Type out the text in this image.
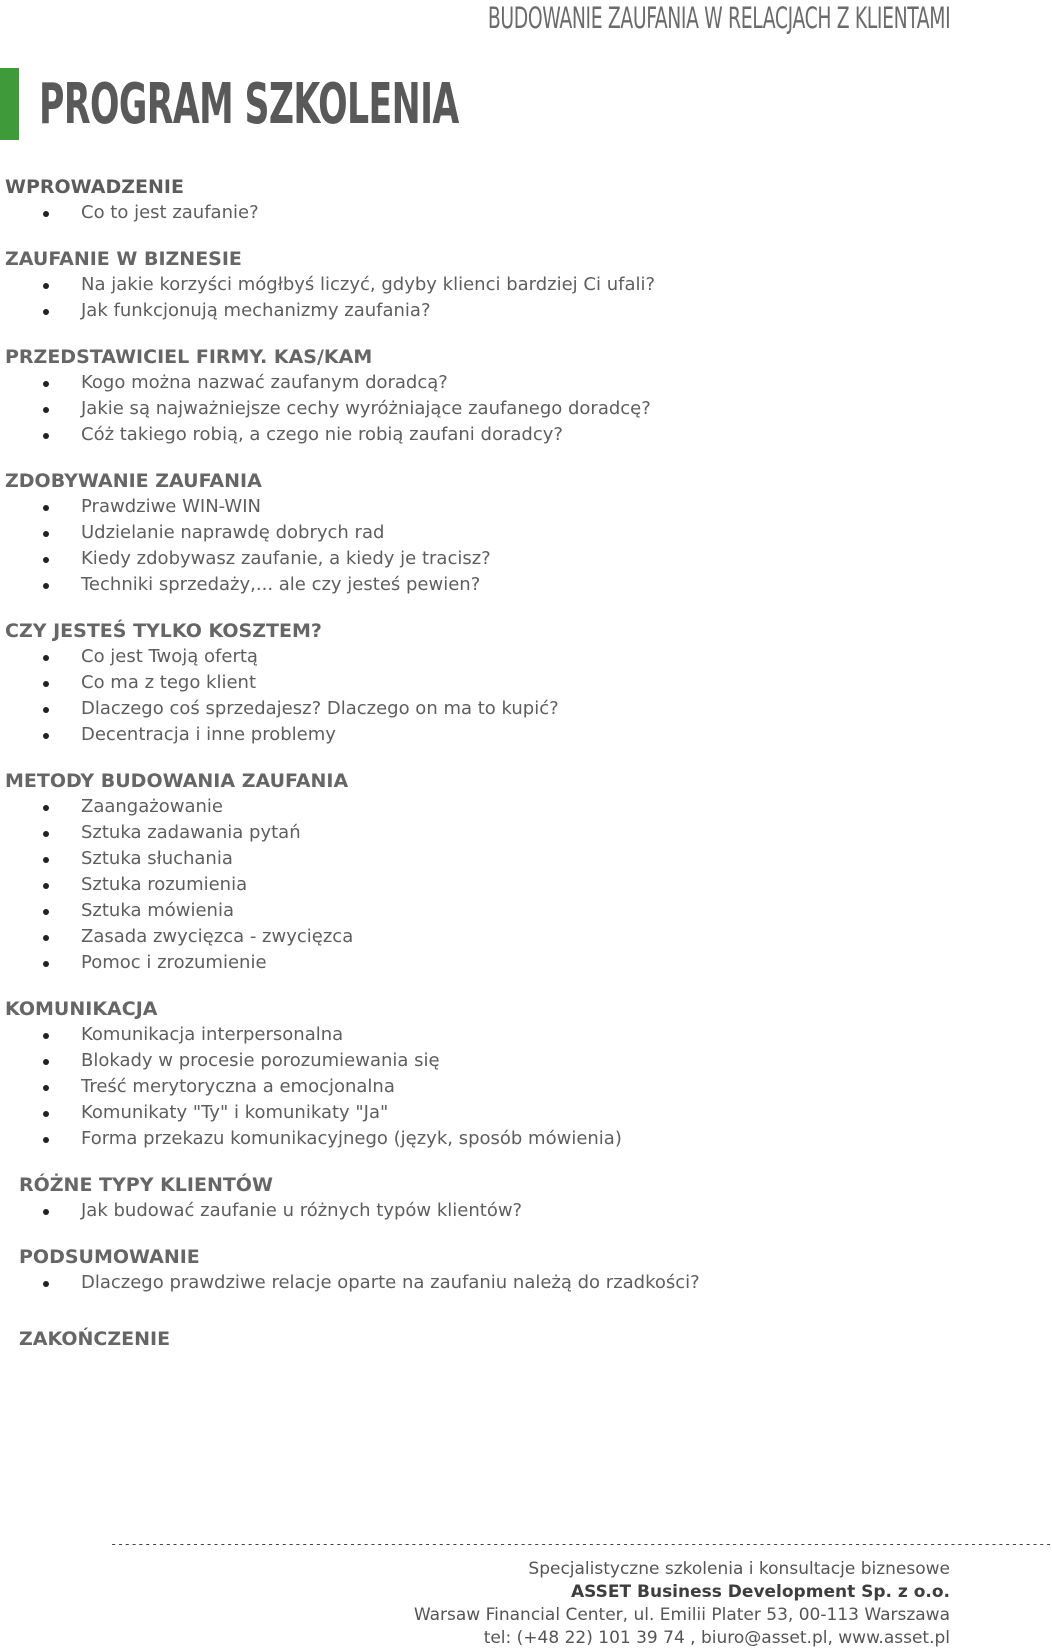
BUDOWANIE ZAUFANIA W RELACJACH Z KLIENTAMI
PROGRAM SZKOLENIA
WPROWADZENIE
Co to jest zaufanie?
ZAUFANIE W BIZNESIE
Na jakie korzyści mógłbyś liczyć, gdyby klienci bardziej Ci ufali?
Jak funkcjonują mechanizmy zaufania?
PRZEDSTAWICIEL FIRMY. KAS/KAM
Kogo można nazwać zaufanym doradcą?
Jakie są najważniejsze cechy wyróżniające zaufanego doradcę?
Cóż takiego robią, a czego nie robią zaufani doradcy?
ZDOBYWANIE ZAUFANIA
Prawdziwe WIN-WIN
Udzielanie naprawdę dobrych rad
Kiedy zdobywasz zaufanie, a kiedy je tracisz?
Techniki sprzedaży,... ale czy jesteś pewien?
CZY JESTEŚ TYLKO KOSZTEM?
Co jest Twoją ofertą
Co ma z tego klient
Dlaczego coś sprzedajesz? Dlaczego on ma to kupić?
Decentracja i inne problemy
METODY BUDOWANIA ZAUFANIA
Zaangażowanie
Sztuka zadawania pytań
Sztuka słuchania
Sztuka rozumienia
Sztuka mówienia
Zasada zwycięzca - zwycięzca
Pomoc i zrozumienie
KOMUNIKACJA
Komunikacja interpersonalna
Blokady w procesie porozumiewania się
Treść merytoryczna a emocjonalna
Komunikaty "Ty" i komunikaty "Ja"
Forma przekazu komunikacyjnego (język, sposób mówienia)
RÓŻNE TYPY KLIENTÓW
Jak budować zaufanie u różnych typów klientów?
PODSUMOWANIE
Dlaczego prawdziwe relacje oparte na zaufaniu należą do rzadkości?
ZAKOŃCZENIE
------------------------------------------------------------------------------------------------------------------------------------------
Specjalistyczne szkolenia i konsultacje biznesowe
ASSET Business Development Sp. z o.o.
Warsaw Financial Center, ul. Emilii Plater 53, 00-113 Warszawa
tel: (+48 22) 101 39 74 , biuro@asset.pl, www.asset.pl
